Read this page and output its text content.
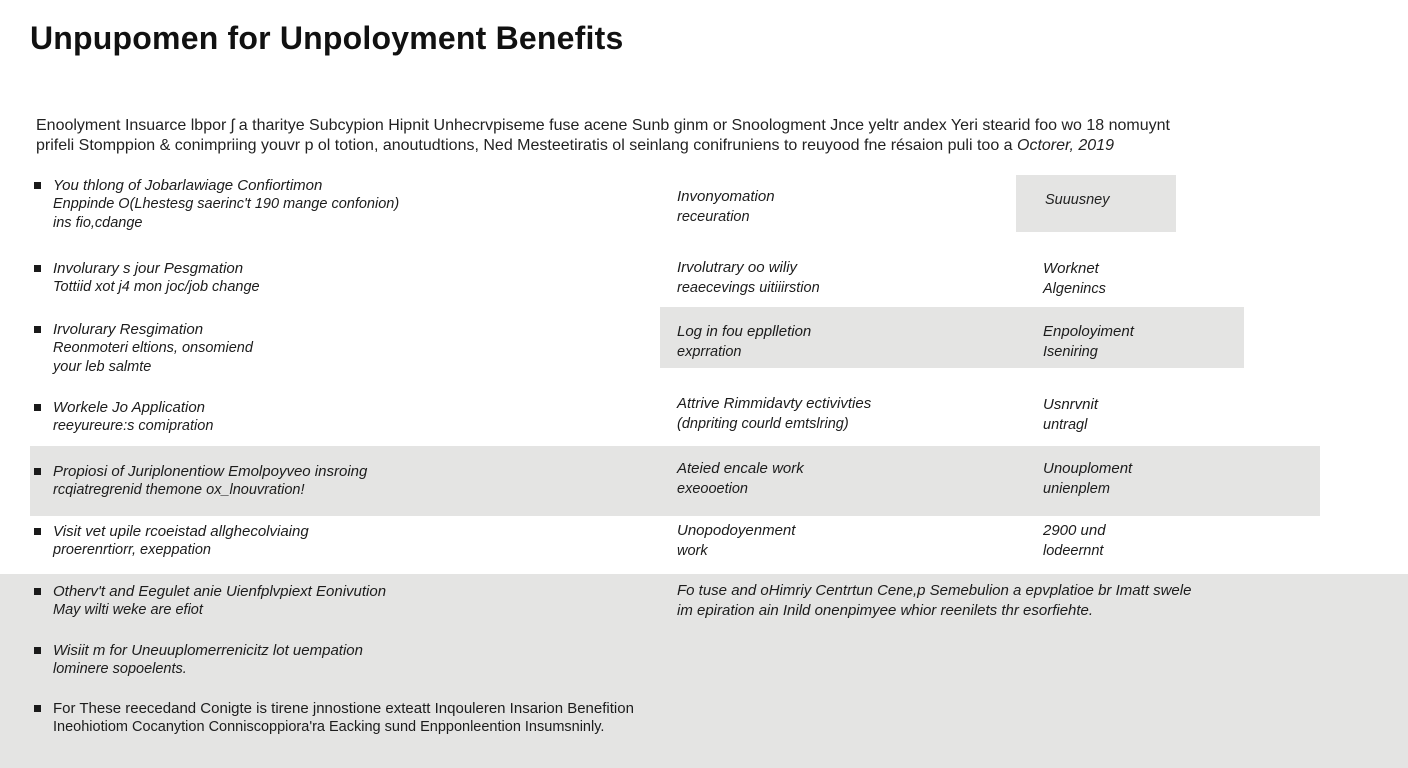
Unpupomen for Unpoloyment Benefits
Enoolyment Insuarce lbpor ʃ a tharitye Subcypion Hipnit Unhecrvpiseme fuse acene Sunb ginm or Snoologment Jnce yeltr andex Yeri stearid foo wo 18 nomuynt
prifeli Stomppion & conimpriing youvr p ol totion, anoutudtions, Ned Mesteetiratis ol seinlang conifruniens to reuyood fne résaion puli too a Octorer, 2019
You thlong of Jobarlawiage Confiortimon
Enppinde O(Lhestesg saerinc't 190 mange confonion)
ins fio,cdange
Invonyomation
receuration
Suuusney
Involurary s jour Pesgmation
Tottiid xot j4 mon joc/job change
Irvolutrary oo wiliy
reaecevings uitiiirstion
Worknet
Algenincs
Irvolurary Resgimation
Reonmoteri eltions, onsomiend
your leb salmte
Log in fou epplletion
exprration
Enpoloyiment
Iseniring
Workele Jo Application
reeyureure:s comipration
Attrive Rimmidavty ectivivties
(dnpriting courld emtslring)
Usnrvnit
untragl
Propiosi of Juriplonentiow Emolpoyveo insroing
rcqiatregrenid themone ox_lnouvration!
Ateied encale work
exeooetion
Unouploment
unienplem
Visit vet upile rcoeistad allghecolviaing
proerenrtiorr, exeppation
Unopodoyenment
work
2900 und
lodeernnt
Otherv't and Eegulet anie Uienfplvpiext Eonivution
May wilti weke are efiot
Fo tuse and oHimriy Centrtun Cene,p Semebulion a epvplatioe br Imatt swele
im epiration ain Inild onenpimyee whior reenilets thr esorfiehte.
Wisiit m for Uneuuplomerrenicitz lot uempation
lominere sopoelents.
For These reecedand Conigte is tirene jnnostione exteatt Inqouleren Insarion Benefition
Ineohiotiom Cocanytion Conniscoppiora'ra Eacking sund Enpponleention Insumsninly.
